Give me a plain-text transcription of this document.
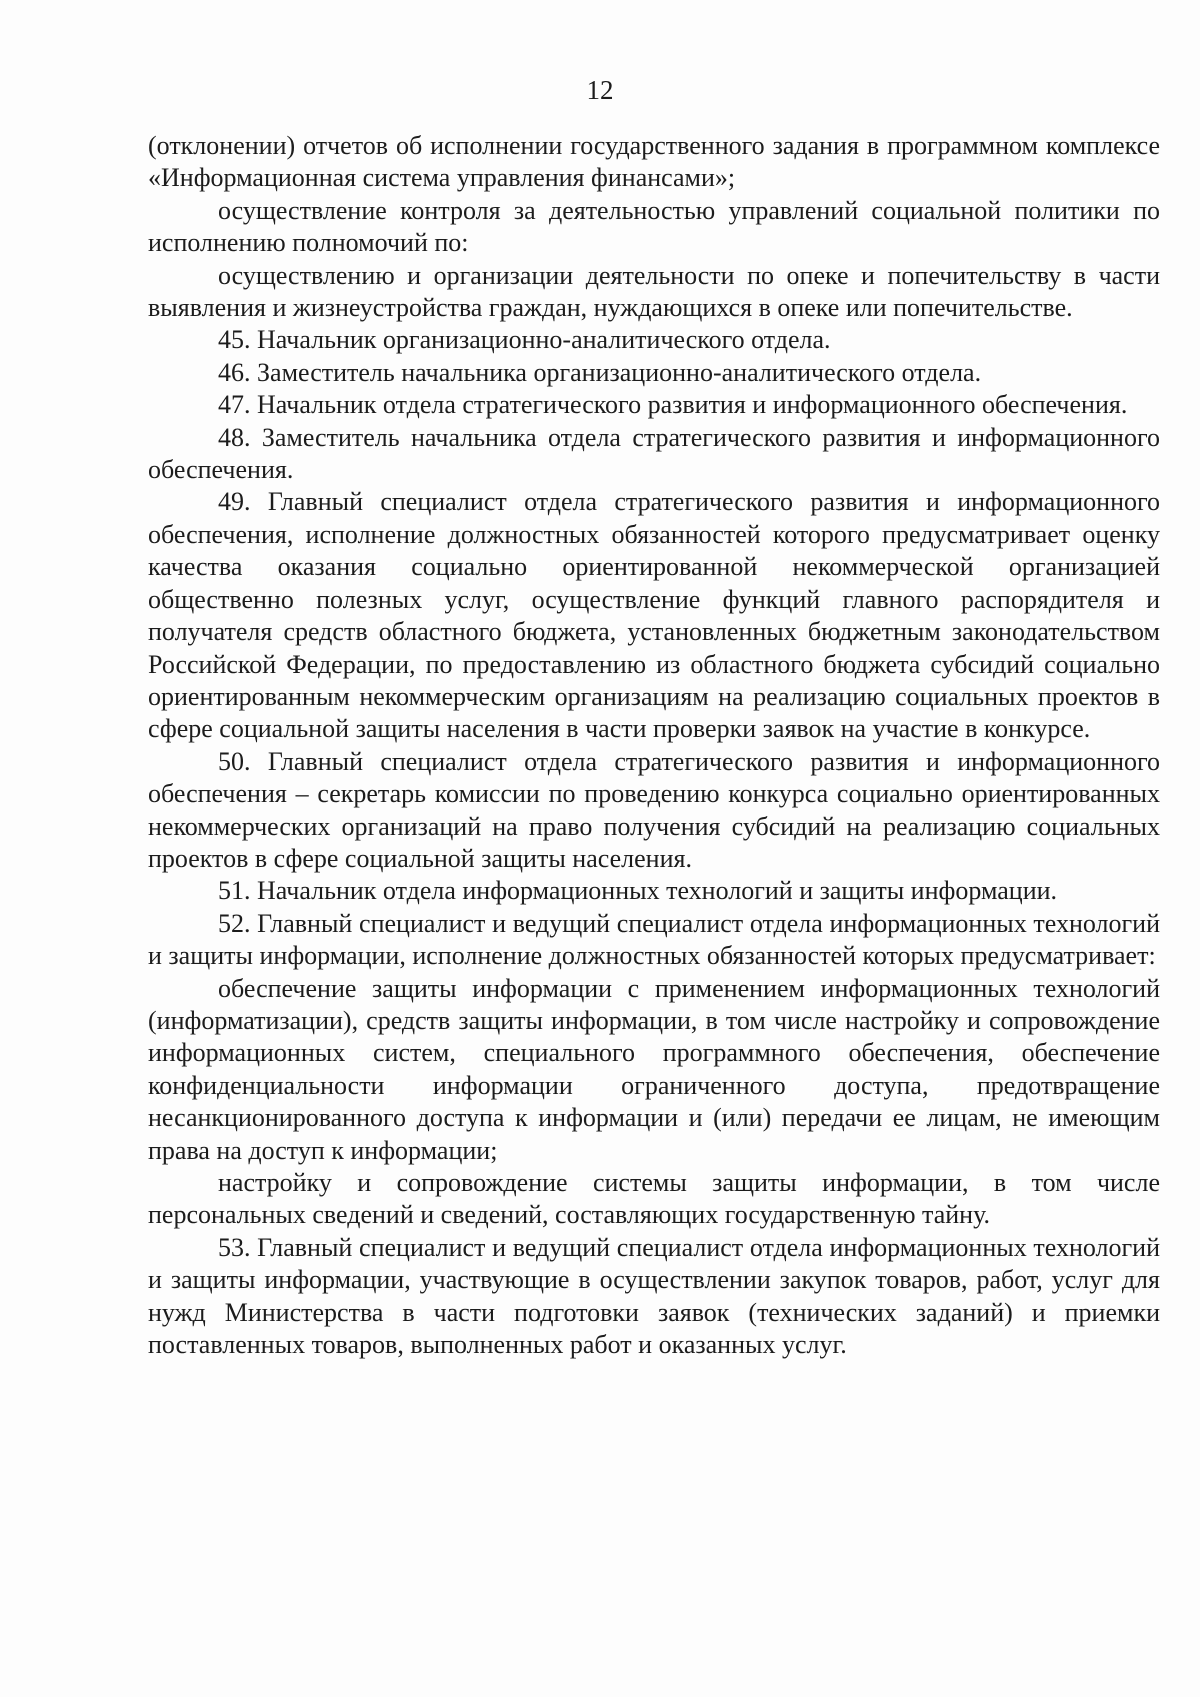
12

(отклонении) отчетов об исполнении государственного задания в программном комплексе «Информационная система управления финансами»;

осуществление контроля за деятельностью управлений социальной политики по исполнению полномочий по:

осуществлению и организации деятельности по опеке и попечительству в части выявления и жизнеустройства граждан, нуждающихся в опеке или попечительстве.

45. Начальник организационно-аналитического отдела.

46. Заместитель начальника организационно-аналитического отдела.

47. Начальник отдела стратегического развития и информационного обеспечения.

48. Заместитель начальника отдела стратегического развития и информационного обеспечения.

49. Главный специалист отдела стратегического развития и информационного обеспечения, исполнение должностных обязанностей которого предусматривает оценку качества оказания социально ориентированной некоммерческой организацией общественно полезных услуг, осуществление функций главного распорядителя и получателя средств областного бюджета, установленных бюджетным законодательством Российской Федерации, по предоставлению из областного бюджета субсидий социально ориентированным некоммерческим организациям на реализацию социальных проектов в сфере социальной защиты населения в части проверки заявок на участие в конкурсе.

50. Главный специалист отдела стратегического развития и информационного обеспечения – секретарь комиссии по проведению конкурса социально ориентированных некоммерческих организаций на право получения субсидий на реализацию социальных проектов в сфере социальной защиты населения.

51. Начальник отдела информационных технологий и защиты информации.

52. Главный специалист и ведущий специалист отдела информационных технологий и защиты информации, исполнение должностных обязанностей которых предусматривает:

обеспечение защиты информации с применением информационных технологий (информатизации), средств защиты информации, в том числе настройку и сопровождение информационных систем, специального программного обеспечения, обеспечение конфиденциальности информации ограниченного доступа, предотвращение несанкционированного доступа к информации и (или) передачи ее лицам, не имеющим права на доступ к информации;

настройку и сопровождение системы защиты информации, в том числе персональных сведений и сведений, составляющих государственную тайну.

53. Главный специалист и ведущий специалист отдела информационных технологий и защиты информации, участвующие в осуществлении закупок товаров, работ, услуг для нужд Министерства в части подготовки заявок (технических заданий) и приемки поставленных товаров, выполненных работ и оказанных услуг.
